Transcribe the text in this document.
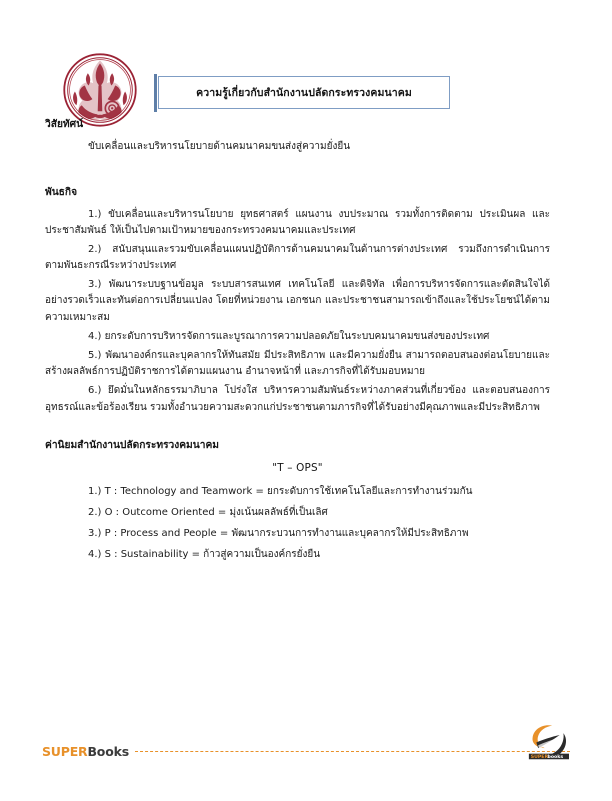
ความรู้เกี่ยวกับสำนักงานปลัดกระทรวงคมนาคม
วิสัยทัศน์

ขับเคลื่อนและบริหารนโยบายด้านคมนาคมขนส่งสู่ความยั่งยืน

พันธกิจ

1.) ขับเคลื่อนและบริหารนโยบาย ยุทธศาสตร์ แผนงาน งบประมาณ รวมทั้งการติดตาม ประเมินผล และประชาสัมพันธ์ ให้เป็นไปตามเป้าหมายของกระทรวงคมนาคมและประเทศ

2.) สนับสนุนและรวมขับเคลื่อนแผนปฏิบัติการด้านคมนาคมในด้านการต่างประเทศ รวมถึงการดำเนินการตามพันธะกรณีระหว่างประเทศ

3.) พัฒนาระบบฐานข้อมูล ระบบสารสนเทศ เทคโนโลยี และดิจิทัล เพื่อการบริหารจัดการและตัดสินใจได้อย่างรวดเร็วและทันต่อการเปลี่ยนแปลง โดยที่หน่วยงาน เอกชนก และประชาชนสามารถเข้าถึงและใช้ประโยชน์ได้ตามความเหมาะสม

4.) ยกระดับการบริหารจัดการและบูรณาการความปลอดภัยในระบบคมนาคมขนส่งของประเทศ

5.) พัฒนาองค์กรและบุคลากรให้ทันสมัย มีประสิทธิภาพ และมีความยั่งยืน สามารถตอบสนองต่อนโยบายและสร้างผลลัพธ์การปฏิบัติราชการได้ตามแผนงาน อำนาจหน้าที่ และภารกิจที่ได้รับมอบหมาย

6.) ยึดมั่นในหลักธรรมาภิบาล โปร่งใส บริหารความสัมพันธ์ระหว่างภาคส่วนที่เกี่ยวข้อง และตอบสนองการอุทธรณ์และข้อร้องเรียน รวมทั้งอำนวยความสะดวกแก่ประชาชนตามภารกิจที่ได้รับอย่างมีคุณภาพและมีประสิทธิภาพ

ค่านิยมสำนักงานปลัดกระทรวงคมนาคม
"T – OPS"

1.) T : Technology and Teamwork = ยกระดับการใช้เทคโนโลยีและการทำงานร่วมกัน

2.) O : Outcome Oriented = มุ่งเน้นผลลัพธ์ที่เป็นเลิศ

3.) P : Process and People = พัฒนากระบวนการทำงานและบุคลากรให้มีประสิทธิภาพ

4.) S : Sustainability = ก้าวสู่ความเป็นองค์กรยั่งยืน

SUPERBooks	SUPER books
